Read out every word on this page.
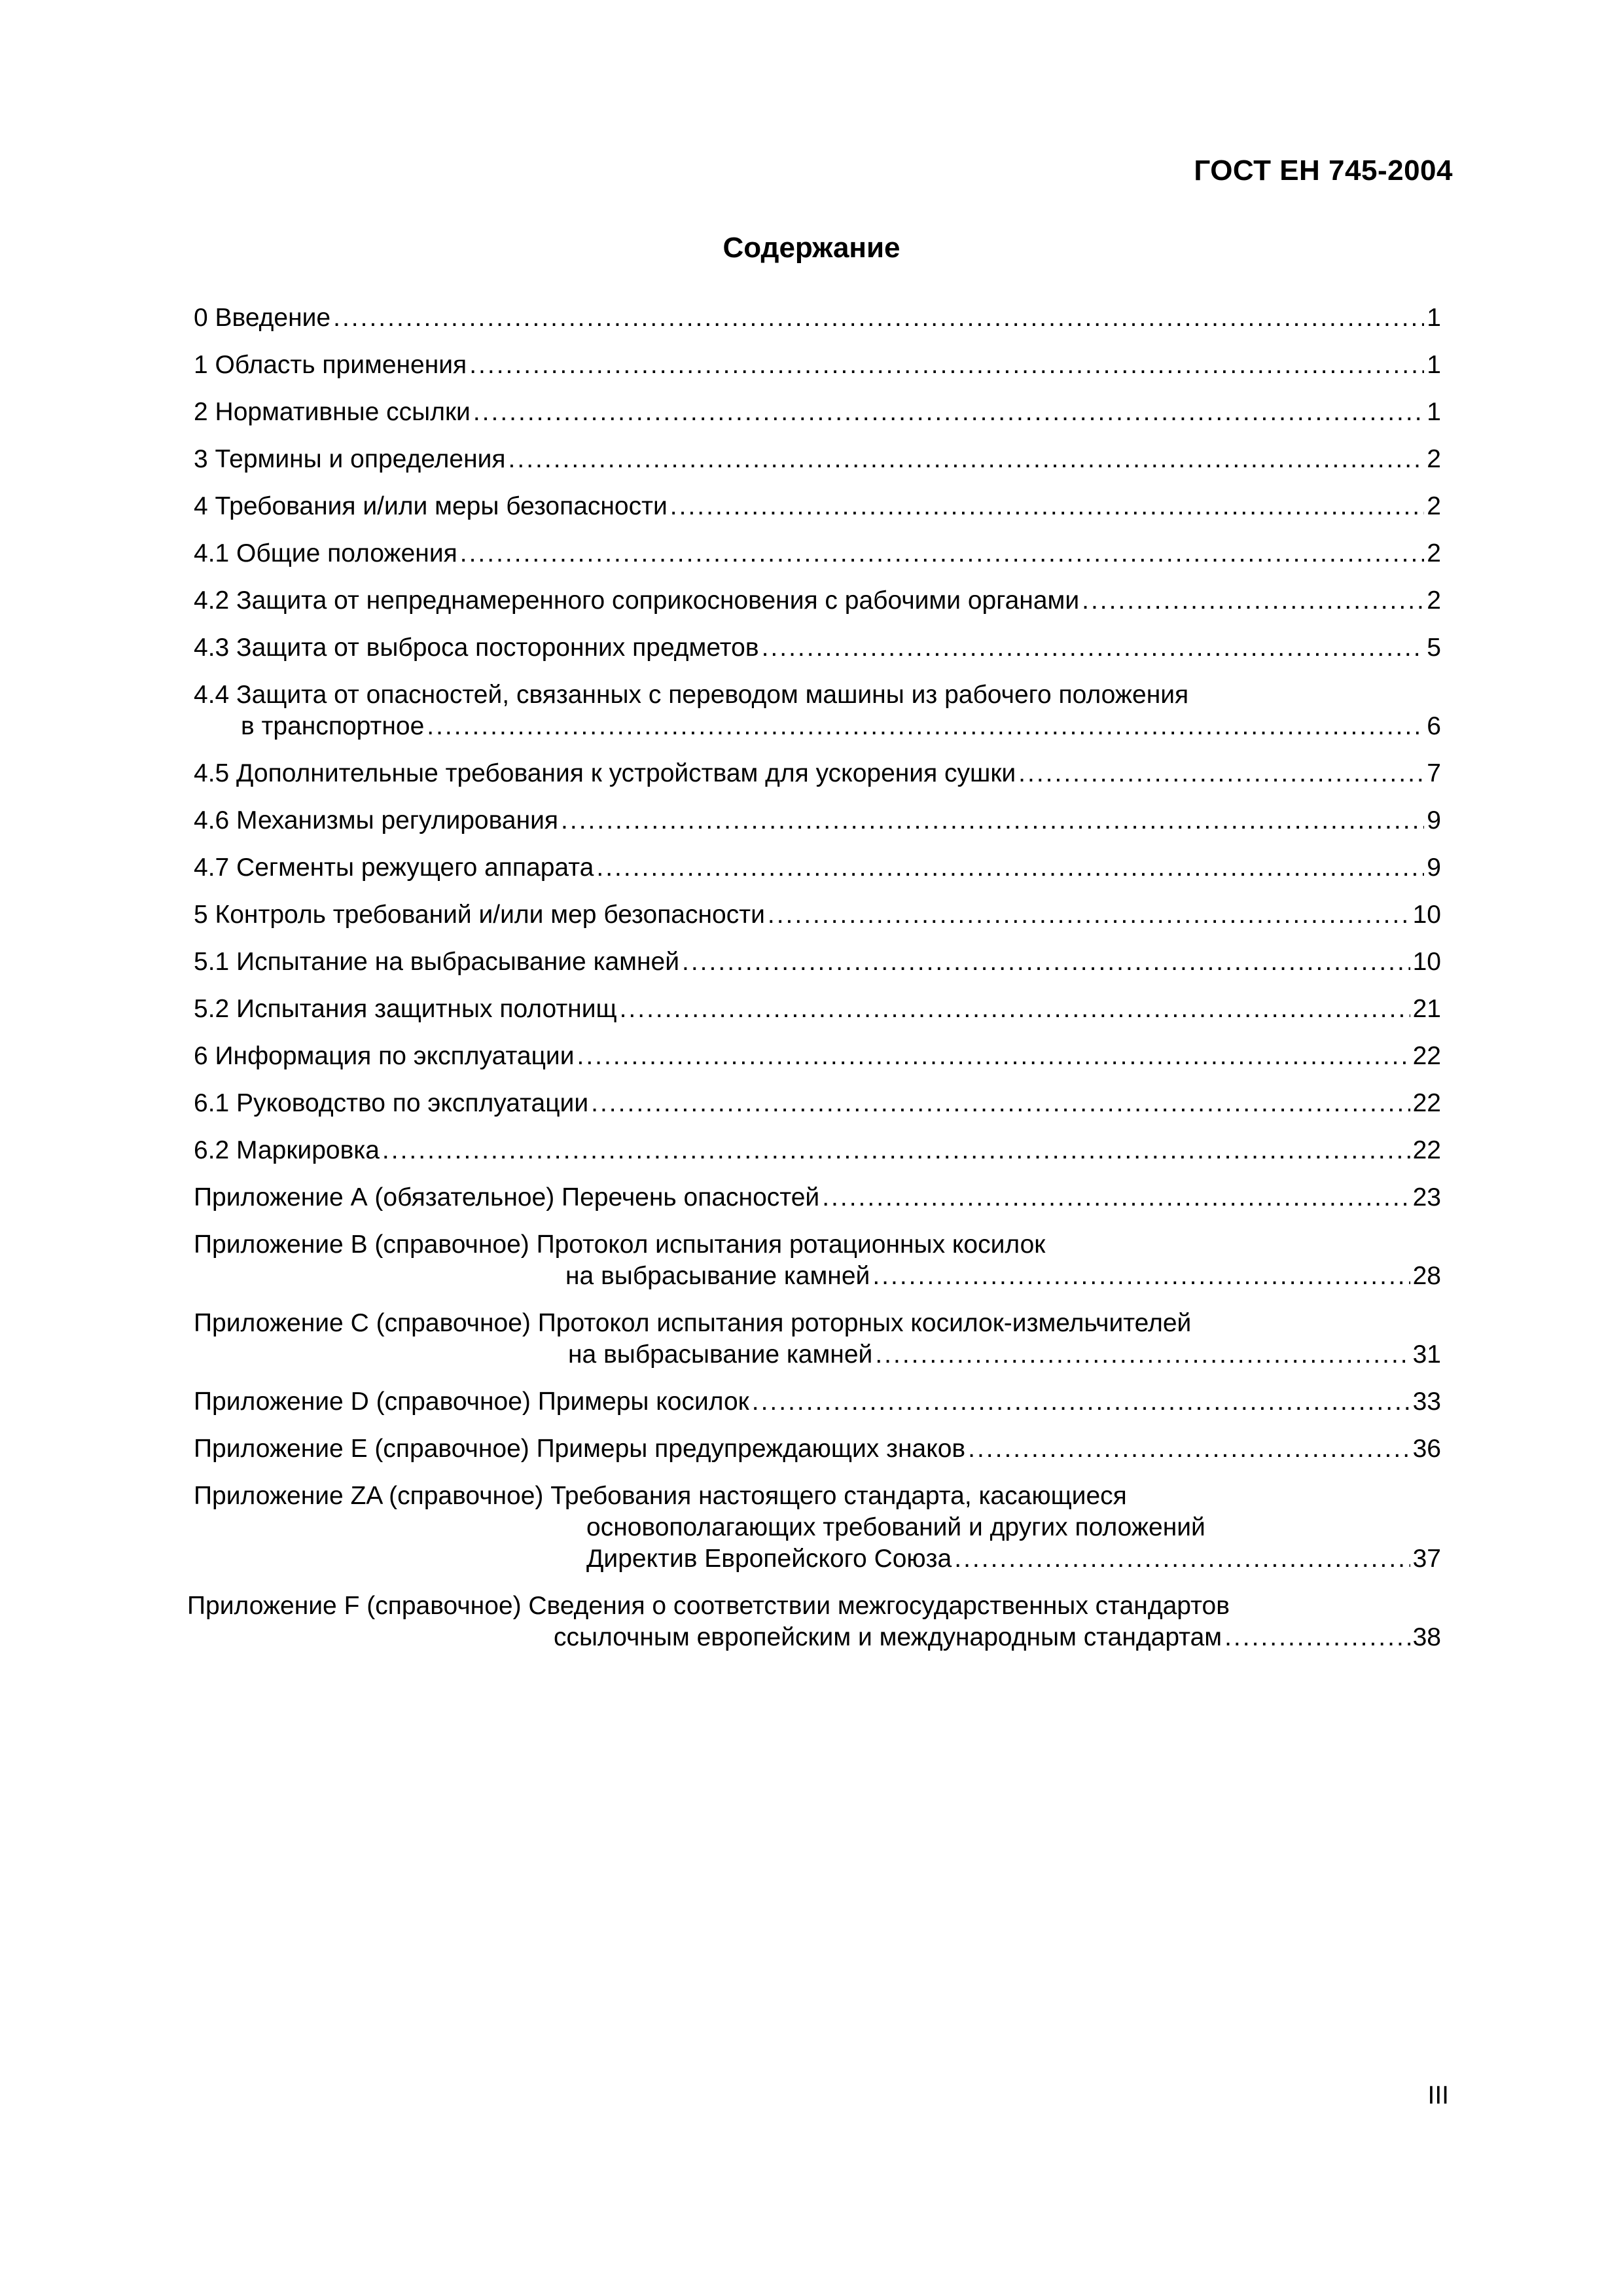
ГОСТ ЕН 745-2004
Содержание
0 Введение .....	1
1 Область применения .....	1
2 Нормативные ссылки .....	1
3 Термины и определения .....	2
4 Требования и/или меры безопасности .....	2
4.1 Общие положения .....	2
4.2 Защита от непреднамеренного соприкосновения с рабочими органами .....	2
4.3 Защита от выброса посторонних предметов .....	5
4.4 Защита от опасностей, связанных с переводом машины из рабочего положения
в транспортное .....	6
4.5 Дополнительные требования к устройствам для ускорения сушки .....	7
4.6 Механизмы регулирования .....	9
4.7 Сегменты режущего аппарата .....	9
5 Контроль требований и/или мер безопасности .....	10
5.1 Испытание на выбрасывание камней .....	10
5.2 Испытания защитных полотнищ .....	21
6 Информация по эксплуатации .....	22
6.1 Руководство по эксплуатации .....	22
6.2 Маркировка .....	22
Приложение А (обязательное) Перечень опасностей .....	23
Приложение В (справочное) Протокол испытания ротационных косилок
на выбрасывание камней .....	28
Приложение С (справочное) Протокол испытания роторных косилок-измельчителей
на выбрасывание камней .....	31
Приложение D (справочное) Примеры косилок .....	33
Приложение Е (справочное) Примеры предупреждающих знаков .....	36
Приложение ZA (справочное) Требования настоящего стандарта, касающиеся
основополагающих требований и других положений
Директив Европейского Союза .....	37
Приложение F (справочное) Сведения о соответствии межгосударственных стандартов
ссылочным европейским и международным стандартам .....	38
III
